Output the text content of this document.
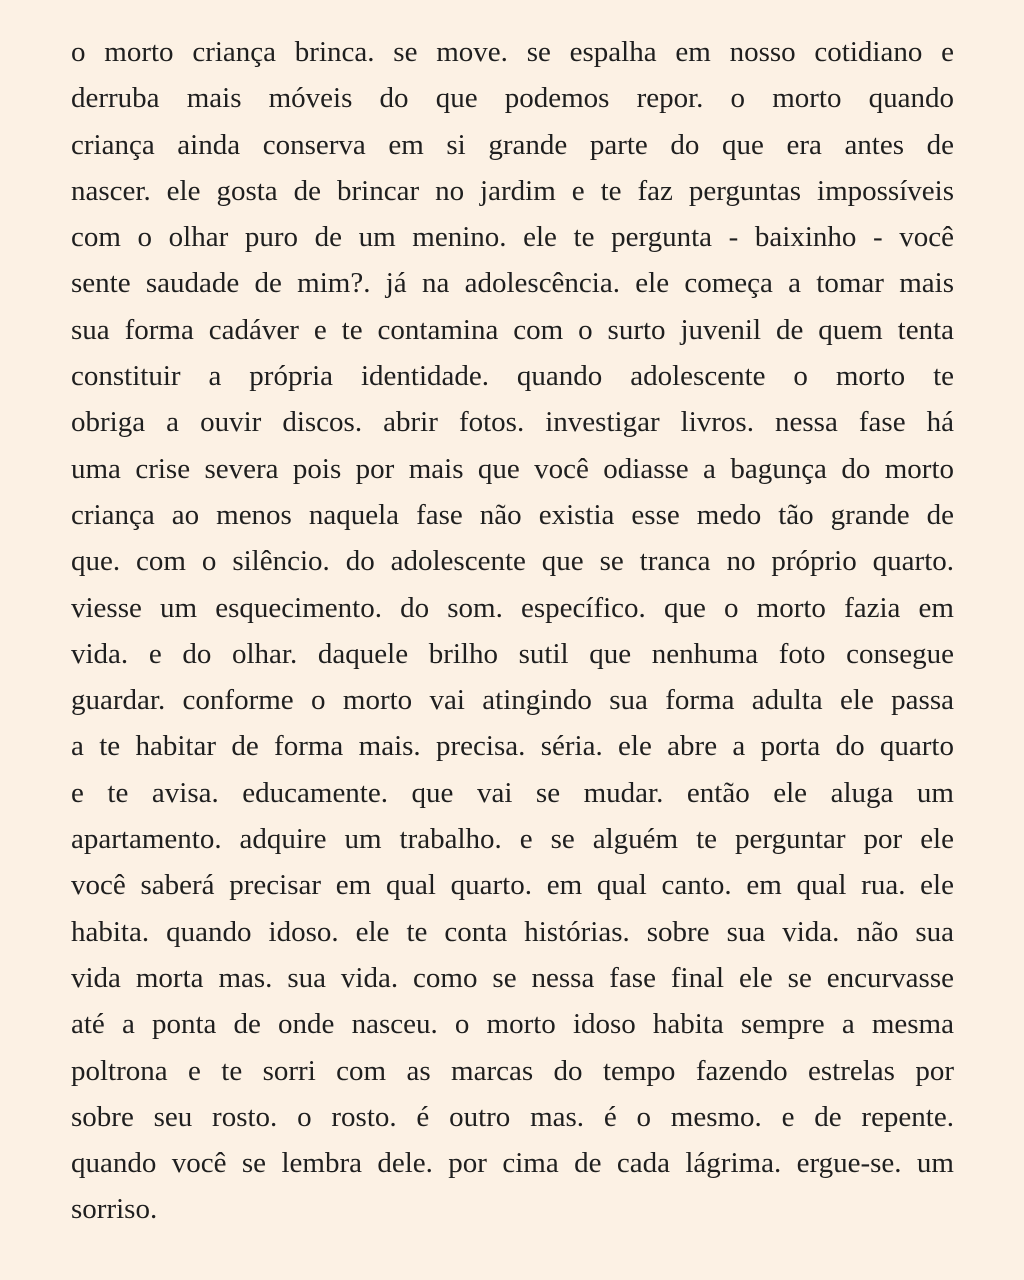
o morto criança brinca. se move. se espalha em nosso cotidiano e
derruba mais móveis do que podemos repor. o morto quando
criança ainda conserva em si grande parte do que era antes de
nascer. ele gosta de brincar no jardim e te faz perguntas impossíveis
com o olhar puro de um menino. ele te pergunta - baixinho - você
sente saudade de mim?. já na adolescência. ele começa a tomar mais
sua forma cadáver e te contamina com o surto juvenil de quem tenta
constituir a própria identidade. quando adolescente o morto te
obriga a ouvir discos. abrir fotos. investigar livros. nessa fase há
uma crise severa pois por mais que você odiasse a bagunça do morto
criança ao menos naquela fase não existia esse medo tão grande de
que. com o silêncio. do adolescente que se tranca no próprio quarto.
viesse um esquecimento. do som. específico. que o morto fazia em
vida. e do olhar. daquele brilho sutil que nenhuma foto consegue
guardar. conforme o morto vai atingindo sua forma adulta ele passa
a te habitar de forma mais. precisa. séria. ele abre a porta do quarto
e te avisa. educamente. que vai se mudar. então ele aluga um
apartamento. adquire um trabalho. e se alguém te perguntar por ele
você saberá precisar em qual quarto. em qual canto. em qual rua. ele
habita. quando idoso. ele te conta histórias. sobre sua vida. não sua
vida morta mas. sua vida. como se nessa fase final ele se encurvasse
até a ponta de onde nasceu. o morto idoso habita sempre a mesma
poltrona e te sorri com as marcas do tempo fazendo estrelas por
sobre seu rosto. o rosto. é outro mas. é o mesmo. e de repente.
quando você se lembra dele. por cima de cada lágrima. ergue-se. um
sorriso.
